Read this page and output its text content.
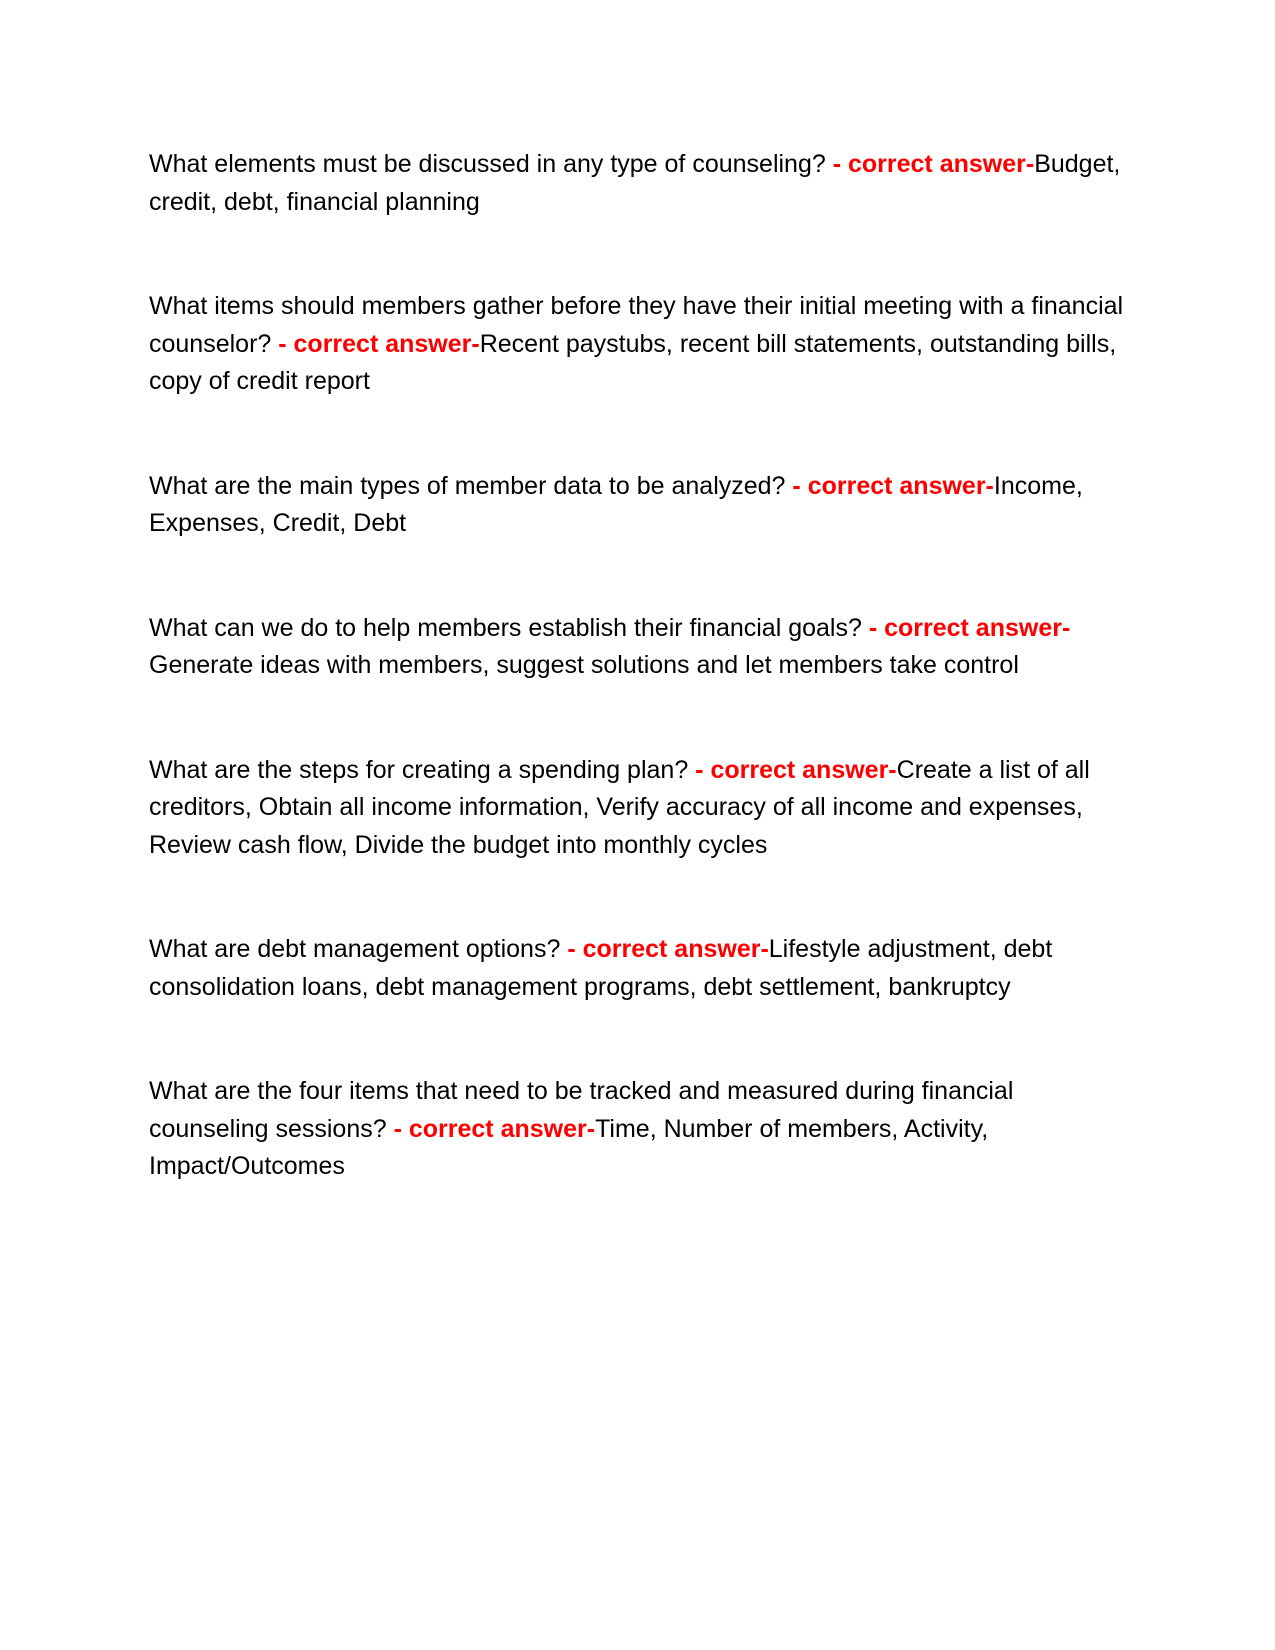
What elements must be discussed in any type of counseling? - correct answer-Budget, credit, debt, financial planning

What items should members gather before they have their initial meeting with a financial counselor? - correct answer-Recent paystubs, recent bill statements, outstanding bills, copy of credit report

What are the main types of member data to be analyzed? - correct answer-Income, Expenses, Credit, Debt

What can we do to help members establish their financial goals? - correct answer-Generate ideas with members, suggest solutions and let members take control

What are the steps for creating a spending plan? - correct answer-Create a list of all creditors, Obtain all income information, Verify accuracy of all income and expenses, Review cash flow, Divide the budget into monthly cycles

What are debt management options? - correct answer-Lifestyle adjustment, debt consolidation loans, debt management programs, debt settlement, bankruptcy

What are the four items that need to be tracked and measured during financial counseling sessions? - correct answer-Time, Number of members, Activity, Impact/Outcomes
